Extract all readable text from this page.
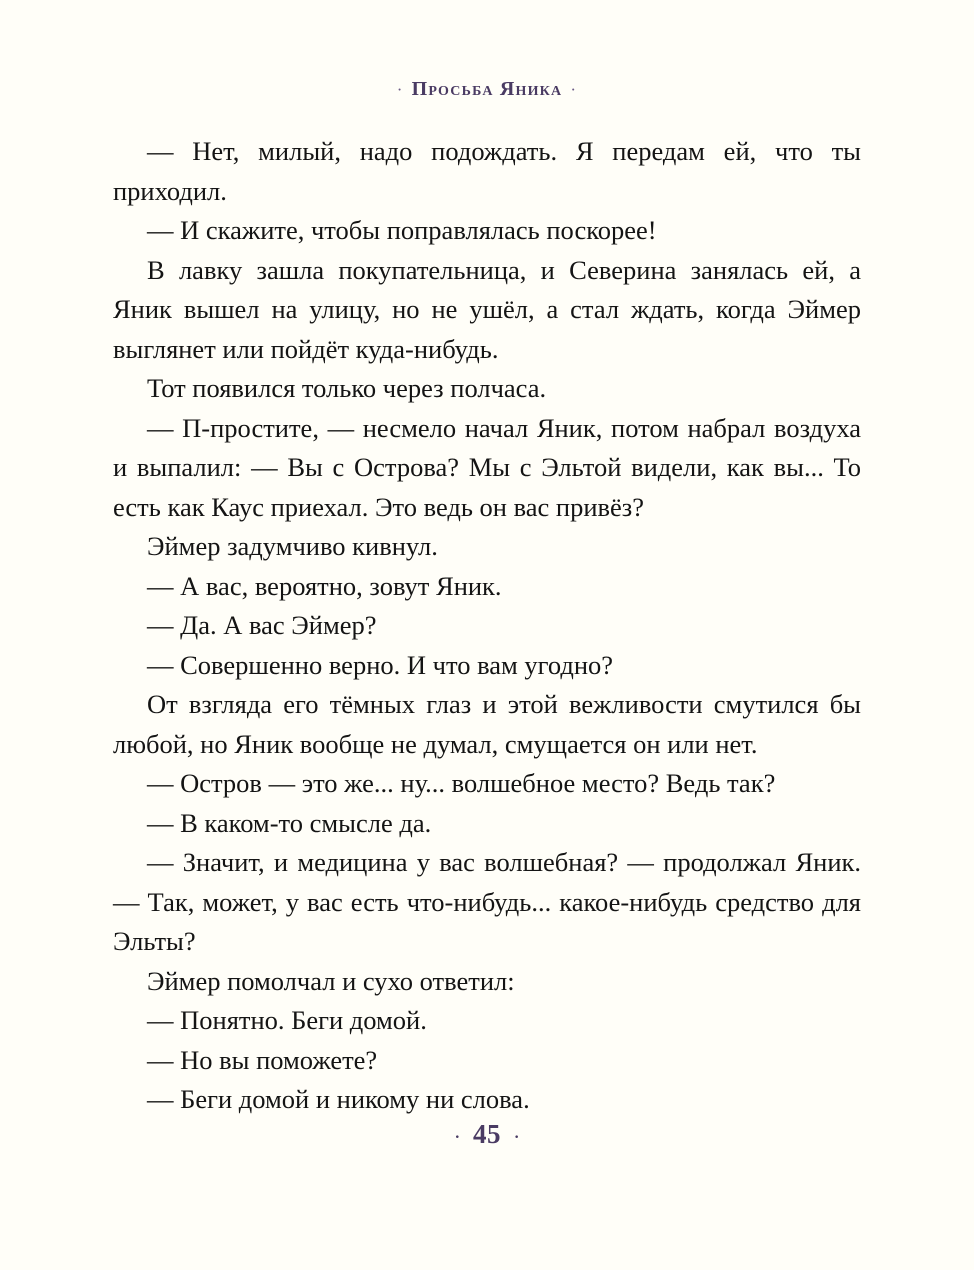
· Просьба Яника ·

— Нет, милый, надо подождать. Я передам ей, что ты приходил.

— И скажите, чтобы поправлялась поскорее!

В лавку зашла покупательница, и Северина занялась ей, а Яник вышел на улицу, но не ушёл, а стал ждать, когда Эймер выглянет или пойдёт куда-нибудь.

Тот появился только через полчаса.

— П-простите, — несмело начал Яник, потом набрал воздуха и выпалил: — Вы с Острова? Мы с Эльтой видели, как вы... То есть как Каус приехал. Это ведь он вас привёз?

Эймер задумчиво кивнул.

— А вас, вероятно, зовут Яник.

— Да. А вас Эймер?

— Совершенно верно. И что вам угодно?

От взгляда его тёмных глаз и этой вежливости смутился бы любой, но Яник вообще не думал, смущается он или нет.

— Остров — это же... ну... волшебное место? Ведь так?

— В каком-то смысле да.

— Значит, и медицина у вас волшебная? — продолжал Яник. — Так, может, у вас есть что-нибудь... какое-нибудь средство для Эльты?

Эймер помолчал и сухо ответил:

— Понятно. Беги домой.

— Но вы поможете?

— Беги домой и никому ни слова.

· 45 ·
